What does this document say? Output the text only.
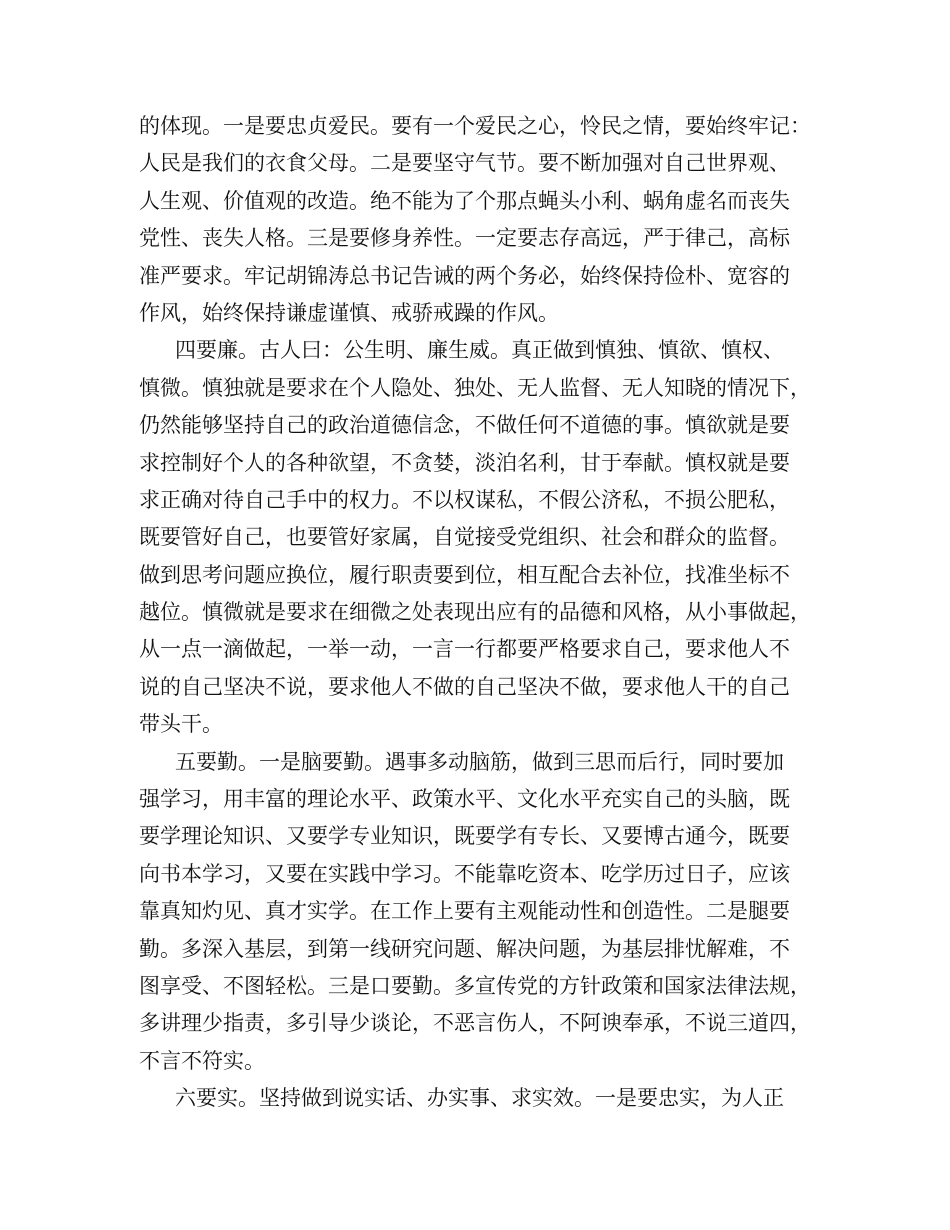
的体现。一是要忠贞爱民。要有一个爱民之心，怜民之情，要始终牢记：
人民是我们的衣食父母。二是要坚守气节。要不断加强对自己世界观、
人生观、价值观的改造。绝不能为了个那点蝇头小利、蜗角虚名而丧失
党性、丧失人格。三是要修身养性。一定要志存高远，严于律己，高标
准严要求。牢记胡锦涛总书记告诫的两个务必，始终保持俭朴、宽容的
作风，始终保持谦虚谨慎、戒骄戒躁的作风。
四要廉。古人曰：公生明、廉生威。真正做到慎独、慎欲、慎权、
慎微。慎独就是要求在个人隐处、独处、无人监督、无人知晓的情况下，
仍然能够坚持自己的政治道德信念，不做任何不道德的事。慎欲就是要
求控制好个人的各种欲望，不贪婪，淡泊名利，甘于奉献。慎权就是要
求正确对待自己手中的权力。不以权谋私，不假公济私，不损公肥私，
既要管好自己，也要管好家属，自觉接受党组织、社会和群众的监督。
做到思考问题应换位，履行职责要到位，相互配合去补位，找准坐标不
越位。慎微就是要求在细微之处表现出应有的品德和风格，从小事做起，
从一点一滴做起，一举一动，一言一行都要严格要求自己，要求他人不
说的自己坚决不说，要求他人不做的自己坚决不做，要求他人干的自己
带头干。
五要勤。一是脑要勤。遇事多动脑筋，做到三思而后行，同时要加
强学习，用丰富的理论水平、政策水平、文化水平充实自己的头脑，既
要学理论知识、又要学专业知识，既要学有专长、又要博古通今，既要
向书本学习，又要在实践中学习。不能靠吃资本、吃学历过日子，应该
靠真知灼见、真才实学。在工作上要有主观能动性和创造性。二是腿要
勤。多深入基层，到第一线研究问题、解决问题，为基层排忧解难，不
图享受、不图轻松。三是口要勤。多宣传党的方针政策和国家法律法规，
多讲理少指责，多引导少谈论，不恶言伤人，不阿谀奉承，不说三道四，
不言不符实。
六要实。坚持做到说实话、办实事、求实效。一是要忠实，为人正
